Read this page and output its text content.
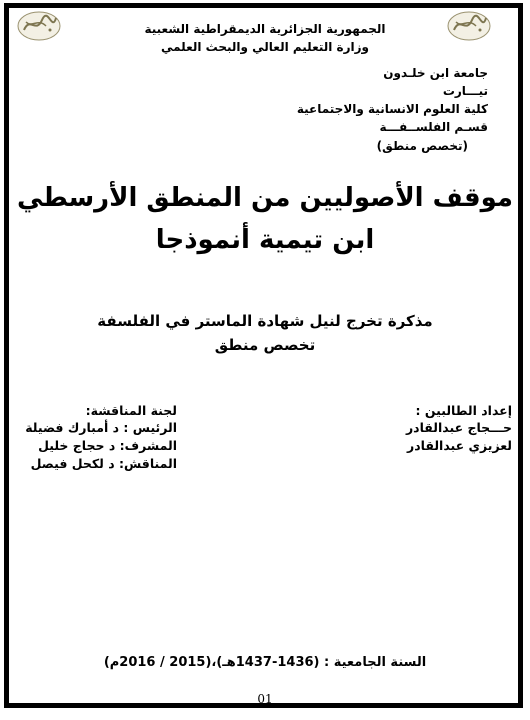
الجمهورية الجزائرية الديمقراطية الشعبية
وزارة التعليم العالي والبحث العلمي
جامعة ابن خلـدون
تيـــارت
كلية العلوم الانسانية والاجتماعية
قسـم الفلســفـــة
(تخصص منطق)
موقف الأصوليين من المنطق الأرسطي
ابن تيمية أنموذجا
مذكرة تخرج لنيل شهادة الماستر في الفلسفة
تخصص منطق
إعداد الطالبين :
حـــجاج عبدالقادر
لعزيزي عبدالقادر
لجنة المناقشة:
الرئيس : د أمبارك فضيلة
المشرف: د حجاج خليل
المناقش: د لكحل فيصل
السنة الجامعية : (1436-1437هـ)،(2015 / 2016م)
01
